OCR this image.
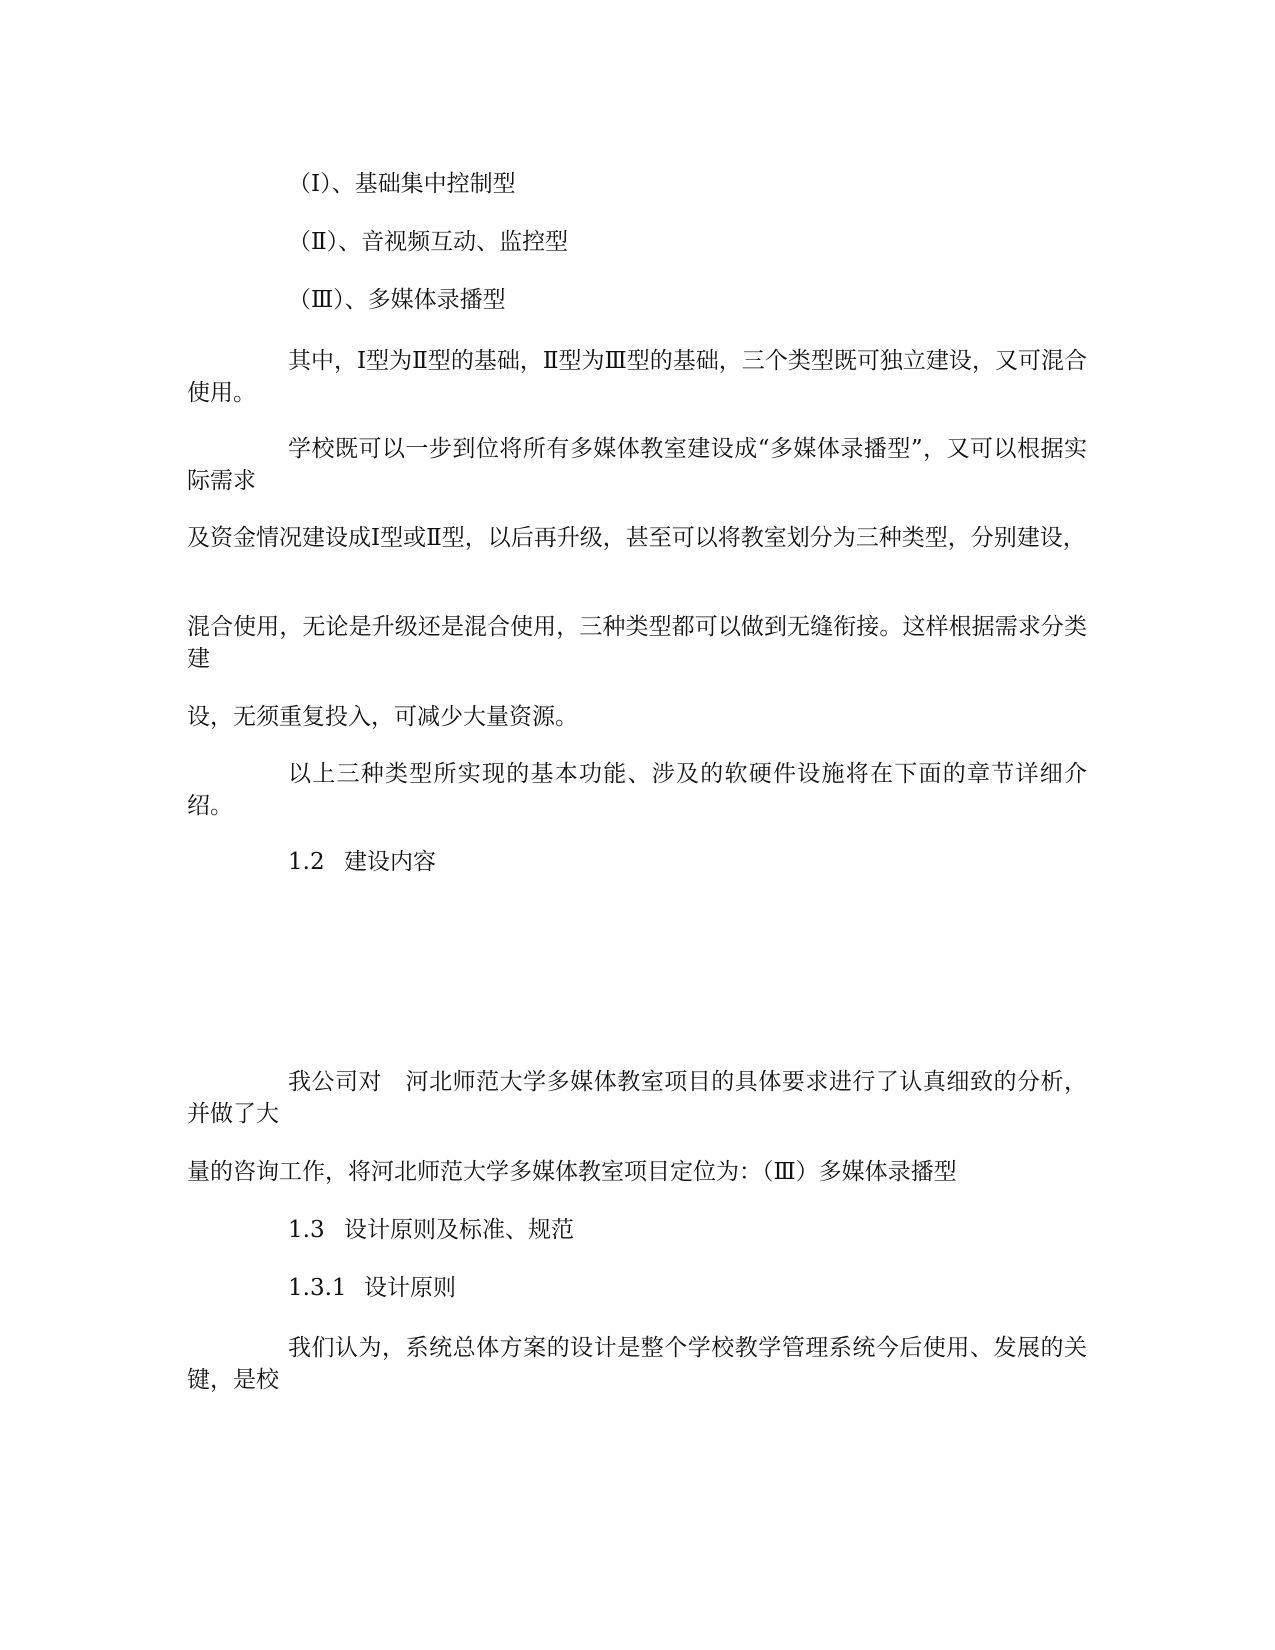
（Ⅰ）、基础集中控制型
（Ⅱ）、音视频互动、监控型
（Ⅲ）、多媒体录播型
其中，Ⅰ型为Ⅱ型的基础，Ⅱ型为Ⅲ型的基础，三个类型既可独立建设，又可混合使用。
学校既可以一步到位将所有多媒体教室建设成“多媒体录播型”，又可以根据实际需求
及资金情况建设成Ⅰ型或Ⅱ型，以后再升级，甚至可以将教室划分为三种类型，分别建设，
混合使用，无论是升级还是混合使用，三种类型都可以做到无缝衔接。这样根据需求分类建
设，无须重复投入，可减少大量资源。
以上三种类型所实现的基本功能、涉及的软硬件设施将在下面的章节详细介绍。
1.2 建设内容
我公司对　河北师范大学多媒体教室项目的具体要求进行了认真细致的分析，并做了大
量的咨询工作，将河北师范大学多媒体教室项目定位为：（Ⅲ）多媒体录播型
1.3 设计原则及标准、规范
1.3.1 设计原则
我们认为，系统总体方案的设计是整个学校教学管理系统今后使用、发展的关键，是校
